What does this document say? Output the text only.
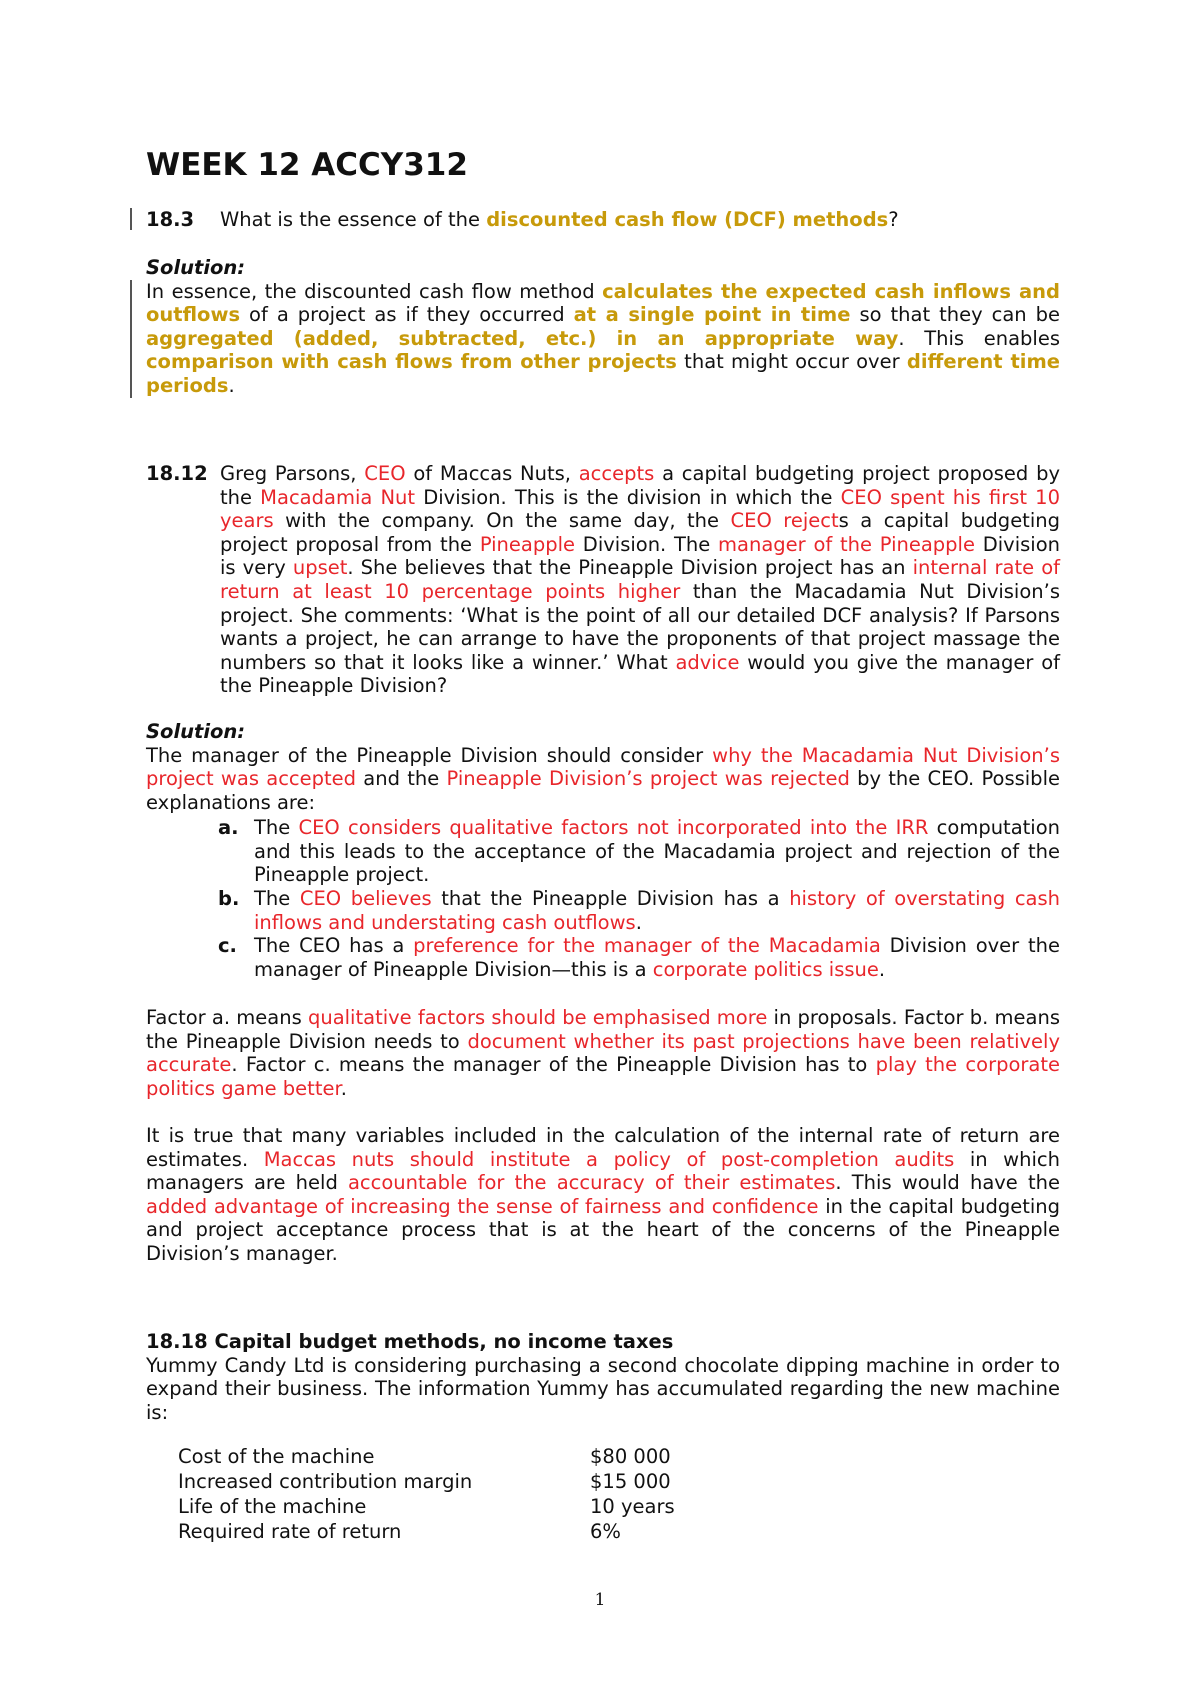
WEEK 12 ACCY312
18.3 What is the essence of the discounted cash flow (DCF) methods?
Solution:
In essence, the discounted cash flow method calculates the expected cash inflows and outflows of a project as if they occurred at a single point in time so that they can be aggregated (added, subtracted, etc.) in an appropriate way. This enables comparison with cash flows from other projects that might occur over different time periods.
18.12 Greg Parsons, CEO of Maccas Nuts, accepts a capital budgeting project proposed by the Macadamia Nut Division. This is the division in which the CEO spent his first 10 years with the company. On the same day, the CEO rejects a capital budgeting project proposal from the Pineapple Division. The manager of the Pineapple Division is very upset. She believes that the Pineapple Division project has an internal rate of return at least 10 percentage points higher than the Macadamia Nut Division’s project. She comments: ‘What is the point of all our detailed DCF analysis? If Parsons wants a project, he can arrange to have the proponents of that project massage the numbers so that it looks like a winner.’ What advice would you give the manager of the Pineapple Division?
Solution:
The manager of the Pineapple Division should consider why the Macadamia Nut Division’s project was accepted and the Pineapple Division’s project was rejected by the CEO. Possible explanations are:
a. The CEO considers qualitative factors not incorporated into the IRR computation and this leads to the acceptance of the Macadamia project and rejection of the Pineapple project.
b. The CEO believes that the Pineapple Division has a history of overstating cash inflows and understating cash outflows.
c. The CEO has a preference for the manager of the Macadamia Division over the manager of Pineapple Division—this is a corporate politics issue.
Factor a. means qualitative factors should be emphasised more in proposals. Factor b. means the Pineapple Division needs to document whether its past projections have been relatively accurate. Factor c. means the manager of the Pineapple Division has to play the corporate politics game better.
It is true that many variables included in the calculation of the internal rate of return are estimates. Maccas nuts should institute a policy of post-completion audits in which managers are held accountable for the accuracy of their estimates. This would have the added advantage of increasing the sense of fairness and confidence in the capital budgeting and project acceptance process that is at the heart of the concerns of the Pineapple Division’s manager.
18.18 Capital budget methods, no income taxes
Yummy Candy Ltd is considering purchasing a second chocolate dipping machine in order to expand their business. The information Yummy has accumulated regarding the new machine is:
Cost of the machine	$80 000
Increased contribution margin	$15 000
Life of the machine	10 years
Required rate of return	6%
1
